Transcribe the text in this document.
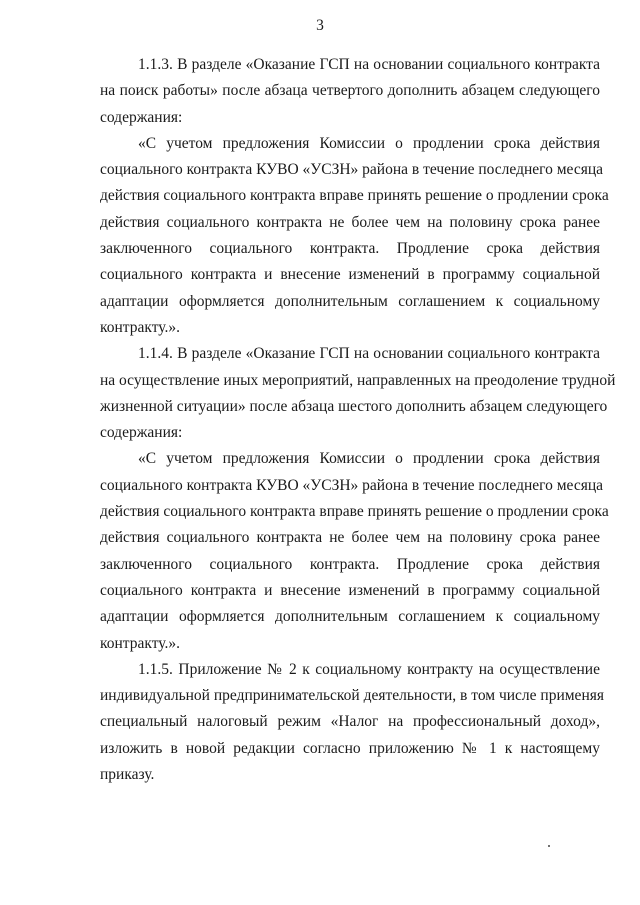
3
1.1.3. В разделе «Оказание ГСП на основании социального контракта
на поиск работы» после абзаца четвертого дополнить абзацем следующего
содержания:
«С учетом предложения Комиссии о продлении срока действия
социального контракта КУВО «УСЗН» района в течение последнего месяца
действия социального контракта вправе принять решение о продлении срока
действия социального контракта не более чем на половину срока ранее
заключенного социального контракта. Продление срока действия
социального контракта и внесение изменений в программу социальной
адаптации оформляется дополнительным соглашением к социальному
контракту.».
1.1.4. В разделе «Оказание ГСП на основании социального контракта
на осуществление иных мероприятий, направленных на преодоление трудной
жизненной ситуации» после абзаца шестого дополнить абзацем следующего
содержания:
«С учетом предложения Комиссии о продлении срока действия
социального контракта КУВО «УСЗН» района в течение последнего месяца
действия социального контракта вправе принять решение о продлении срока
действия социального контракта не более чем на половину срока ранее
заключенного социального контракта. Продление срока действия
социального контракта и внесение изменений в программу социальной
адаптации оформляется дополнительным соглашением к социальному
контракту.».
1.1.5. Приложение № 2 к социальному контракту на осуществление
индивидуальной предпринимательской деятельности, в том числе применяя
специальный налоговый режим «Налог на профессиональный доход»,
изложить в новой редакции согласно приложению № 1 к настоящему
приказу.
